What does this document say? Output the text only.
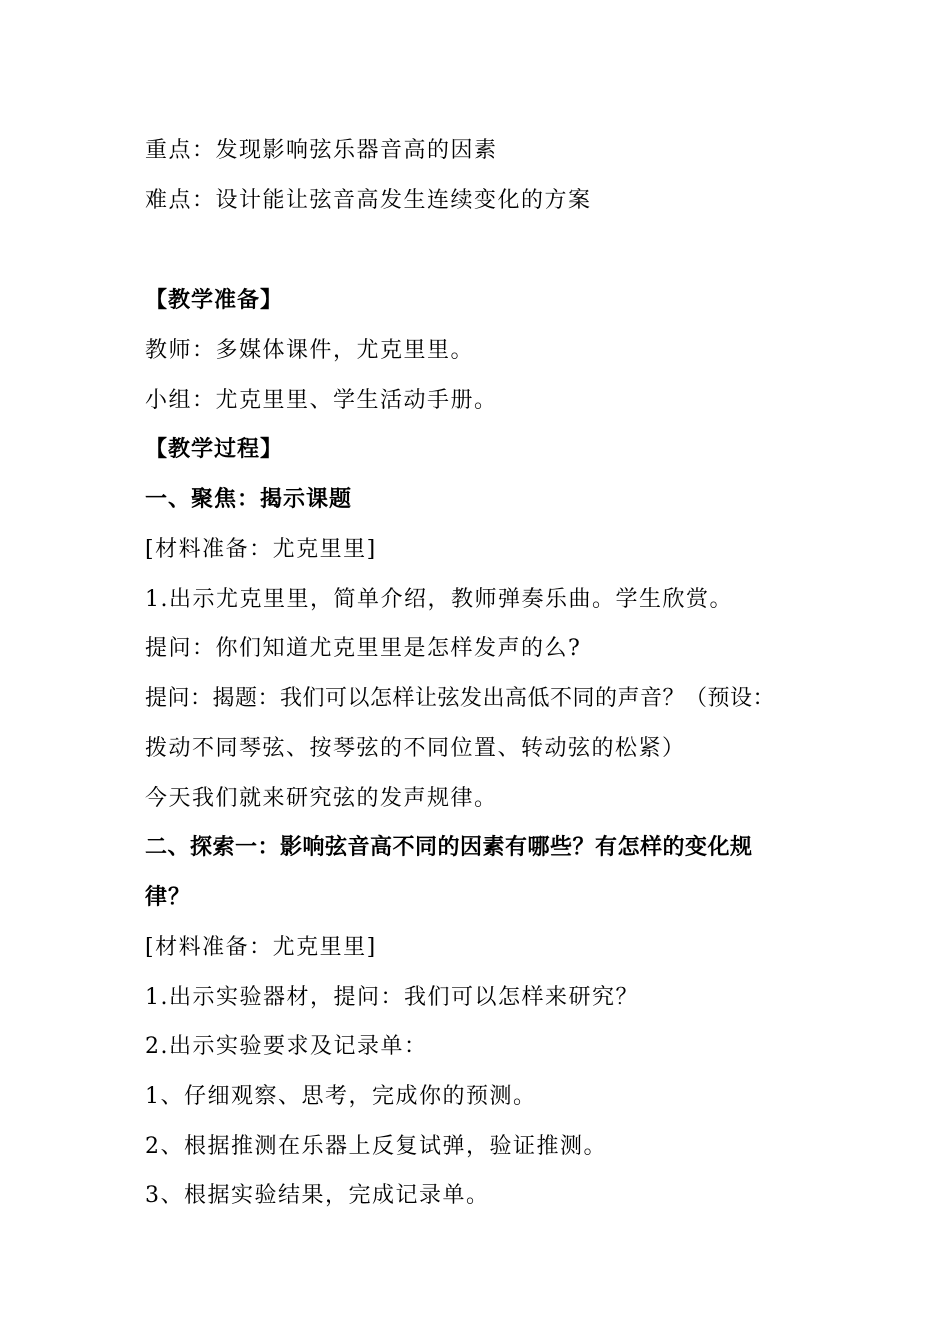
重点：发现影响弦乐器音高的因素
难点：设计能让弦音高发生连续变化的方案
【教学准备】
教师：多媒体课件，尤克里里。
小组：尤克里里、学生活动手册。
【教学过程】
一、聚焦：揭示课题
[材料准备：尤克里里]
1.出示尤克里里，简单介绍，教师弹奏乐曲。学生欣赏。
提问：你们知道尤克里里是怎样发声的么?
提问：揭题：我们可以怎样让弦发出高低不同的声音？（预设：
拨动不同琴弦、按琴弦的不同位置、转动弦的松紧）
今天我们就来研究弦的发声规律。
二、探索一：影响弦音高不同的因素有哪些？有怎样的变化规
律？
[材料准备：尤克里里]
1.出示实验器材，提问：我们可以怎样来研究？
2.出示实验要求及记录单：
1、仔细观察、思考，完成你的预测。
2、根据推测在乐器上反复试弹，验证推测。
3、根据实验结果，完成记录单。
